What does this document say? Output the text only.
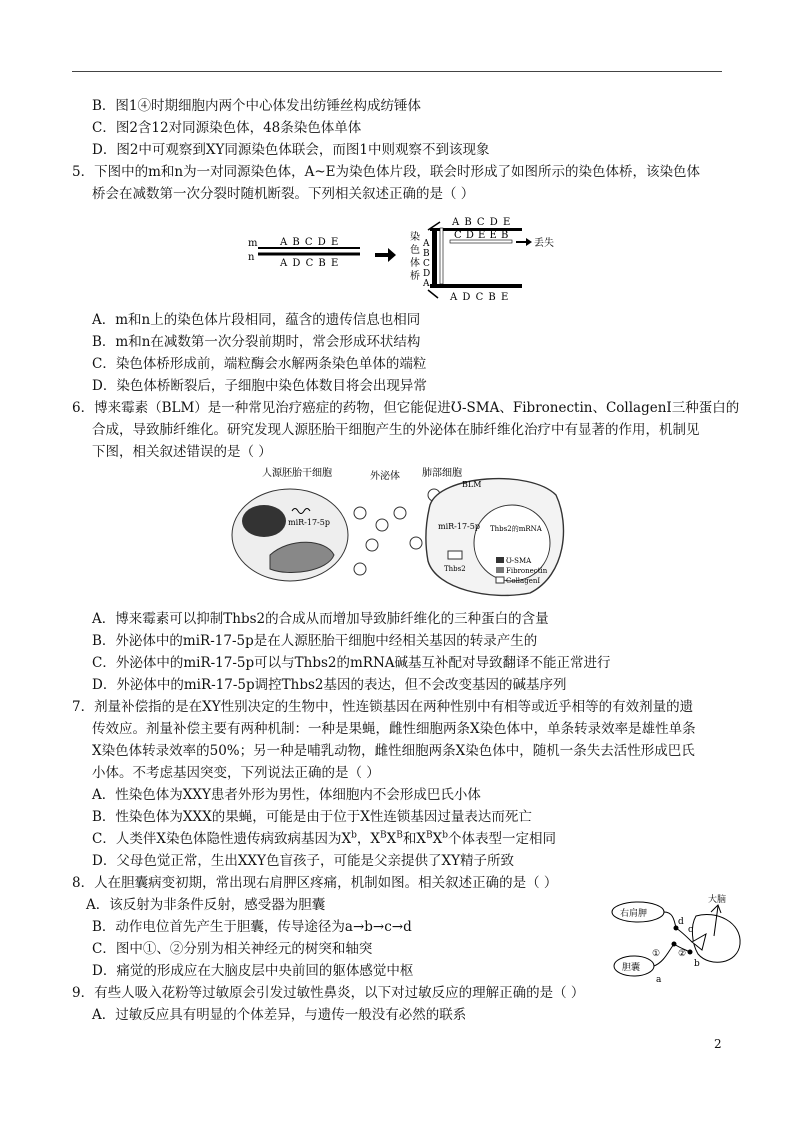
B．图1④时期细胞内两个中心体发出纺锤丝构成纺锤体
C．图2含12对同源染色体，48条染色体单体
D．图2中可观察到XY同源染色体联会，而图1中则观察不到该现象
5．下图中的m和n为一对同源染色体，A~E为染色体片段，联会时形成了如图所示的染色体桥，该染色体
桥会在减数第一次分裂时随机断裂。下列相关叙述正确的是（ ）
m
n
A B C D E
A D C B E
染
色
体
桥
A B C D E
C D E E B
丢失
A
B
C
D
A
A D C B E
A．m和n上的染色体片段相同，蕴含的遗传信息也相同
B．m和n在减数第一次分裂前期时，常会形成环状结构
C．染色体桥形成前，端粒酶会水解两条染色单体的端粒
D．染色体桥断裂后，子细胞中染色体数目将会出现异常
6．博来霉素（BLM）是一种常见治疗癌症的药物，但它能促进Ʊ-SMA、Fibronectin、CollagenⅠ三种蛋白的
合成，导致肺纤维化。研究发现人源胚胎干细胞产生的外泌体在肺纤维化治疗中有显著的作用，机制见
下图，相关叙述错误的是（ ）
人源胚胎干细胞	外泌体 肺部细胞
miR-17-5p
BLM
miR-17-5p Thbs2的mRNA
Thbs2
Ʊ-SMA
Fibronectin
CollagenⅠ
A．博来霉素可以抑制Thbs2的合成从而增加导致肺纤维化的三种蛋白的含量
B．外泌体中的miR-17-5p是在人源胚胎干细胞中经相关基因的转录产生的
C．外泌体中的miR-17-5p可以与Thbs2的mRNA碱基互补配对导致翻译不能正常进行
D．外泌体中的miR-17-5p调控Thbs2基因的表达，但不会改变基因的碱基序列
7．剂量补偿指的是在XY性别决定的生物中，性连锁基因在两种性别中有相等或近乎相等的有效剂量的遗
传效应。剂量补偿主要有两种机制：一种是果蝇，雌性细胞两条X染色体中，单条转录效率是雄性单条
X染色体转录效率的50%；另一种是哺乳动物，雌性细胞两条X染色体中，随机一条失去活性形成巴氏
小体。不考虑基因突变，下列说法正确的是（ ）
A．性染色体为XXY患者外形为男性，体细胞内不会形成巴氏小体
B．性染色体为XXX的果蝇，可能是由于位于X性连锁基因过量表达而死亡
C．人类伴X染色体隐性遗传病致病基因为$X^b$，$X^BX^B$和$X^BX^b$个体表型一定相同
D．父母色觉正常，生出XXY色盲孩子，可能是父亲提供了XY精子所致
8．人在胆囊病变初期，常出现右肩胛区疼痛，机制如图。相关叙述正确的是（ ）
A．该反射为非条件反射，感受器为胆囊
B．动作电位首先产生于胆囊，传导途径为a→b→c→d
C．图中①、②分别为相关神经元的树突和轴突
D．痛觉的形成应在大脑皮层中央前回的躯体感觉中枢
大脑
右肩胛
胆囊
d
c
① ②
b
a
9．有些人吸入花粉等过敏原会引发过敏性鼻炎，以下对过敏反应的理解正确的是（ ）
A．过敏反应具有明显的个体差异，与遗传一般没有必然的联系
2
